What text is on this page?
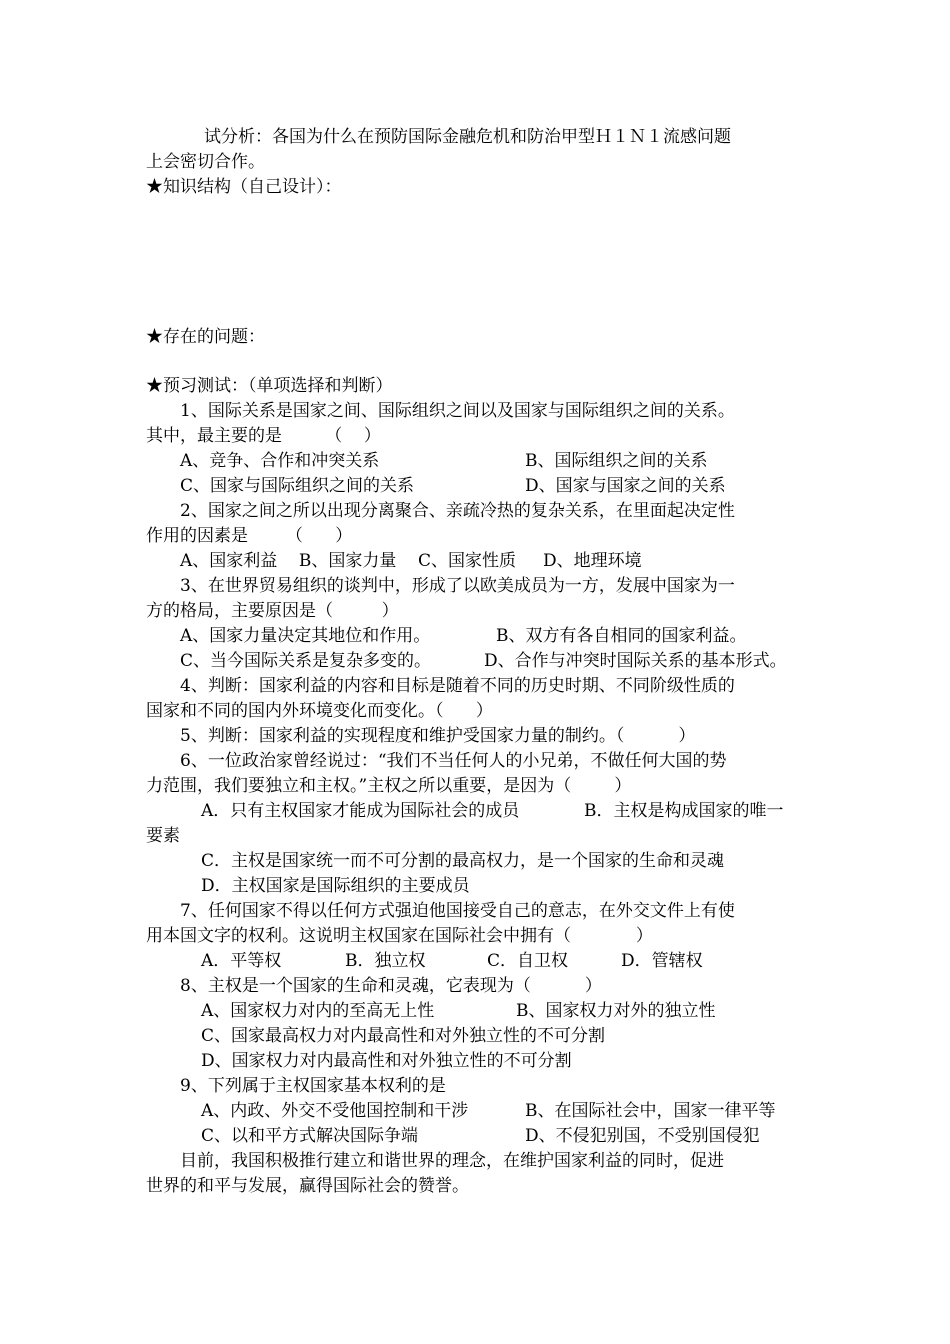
试分析：各国为什么在预防国际金融危机和防治甲型Ｈ１Ｎ１流感问题
上会密切合作。
★知识结构（自己设计）：
★存在的问题：
★预习测试：（单项选择和判断）
1、国际关系是国家之间、国际组织之间以及国家与国际组织之间的关系。
其中，最主要的是        （    ）
A、竞争、合作和冲突关系	B、国际组织之间的关系
C、国家与国际组织之间的关系	D、国家与国家之间的关系
2、国家之间之所以出现分离聚合、亲疏冷热的复杂关系，在里面起决定性
作用的因素是       （      ）
A、国家利益    B、国家力量    C、国家性质     D、地理环境
3、在世界贸易组织的谈判中，形成了以欧美成员为一方，发展中国家为一
方的格局，主要原因是（         ）
A、国家力量决定其地位和作用。	B、双方有各自相同的国家利益。
C、当今国际关系是复杂多变的。	D、合作与冲突时国际关系的基本形式。
4、判断：国家利益的内容和目标是随着不同的历史时期、不同阶级性质的
国家和不同的国内外环境变化而变化。（      ）
5、判断：国家利益的实现程度和维护受国家力量的制约。（          ）
6、一位政治家曾经说过：“我们不当任何人的小兄弟，不做任何大国的势
力范围，我们要独立和主权。”主权之所以重要，是因为（        ）
A．只有主权国家才能成为国际社会的成员	B．主权是构成国家的唯一
要素
C．主权是国家统一而不可分割的最高权力，是一个国家的生命和灵魂
D．主权国家是国际组织的主要成员
7、任何国家不得以任何方式强迫他国接受自己的意志，在外交文件上有使
用本国文字的权利。这说明主权国家在国际社会中拥有（            ）
A．平等权	B．独立权	C．自卫权	D．管辖权
8、主权是一个国家的生命和灵魂，它表现为（          ）
A、国家权力对内的至高无上性	B、国家权力对外的独立性
C、国家最高权力对内最高性和对外独立性的不可分割
D、国家权力对内最高性和对外独立性的不可分割
9、下列属于主权国家基本权利的是
A、内政、外交不受他国控制和干涉	B、在国际社会中，国家一律平等
C、以和平方式解决国际争端	D、不侵犯别国，不受别国侵犯
目前，我国积极推行建立和谐世界的理念，在维护国家利益的同时，促进
世界的和平与发展，赢得国际社会的赞誉。
